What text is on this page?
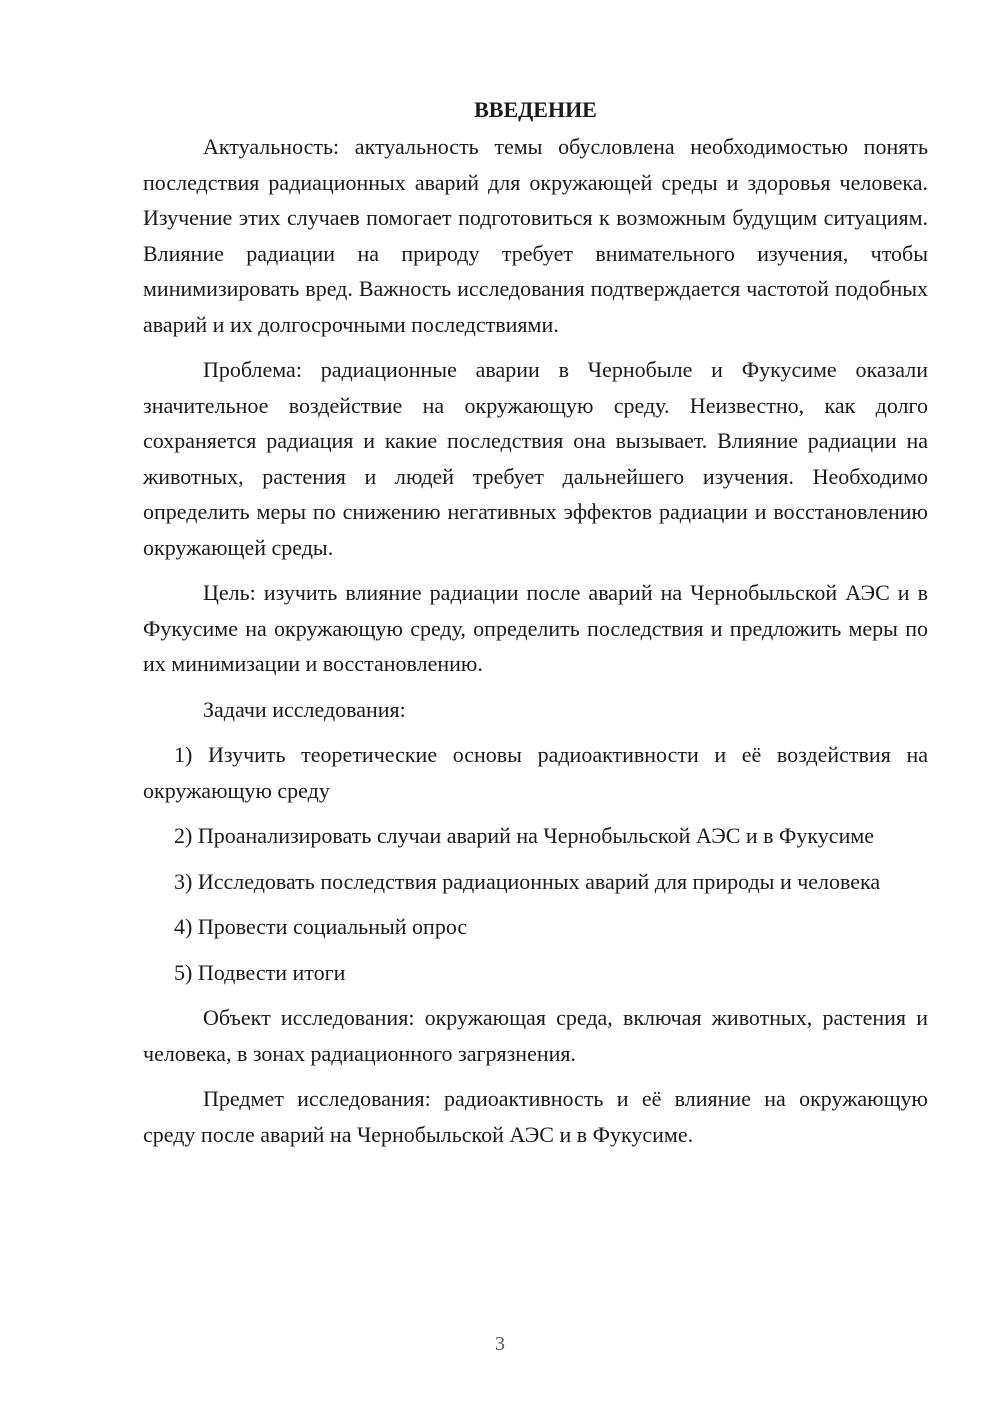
ВВЕДЕНИЕ

Актуальность: актуальность темы обусловлена необходимостью понять последствия радиационных аварий для окружающей среды и здоровья человека. Изучение этих случаев помогает подготовиться к возможным будущим ситуациям. Влияние радиации на природу требует внимательного изучения, чтобы минимизировать вред. Важность исследования подтверждается частотой подобных аварий и их долгосрочными последствиями.

Проблема: радиационные аварии в Чернобыле и Фукусиме оказали значительное воздействие на окружающую среду. Неизвестно, как долго сохраняется радиация и какие последствия она вызывает. Влияние радиации на животных, растения и людей требует дальнейшего изучения. Необходимо определить меры по снижению негативных эффектов радиации и восстановлению окружающей среды.

Цель: изучить влияние радиации после аварий на Чернобыльской АЭС и в Фукусиме на окружающую среду, определить последствия и предложить меры по их минимизации и восстановлению.

Задачи исследования:

1) Изучить теоретические основы радиоактивности и её воздействия на окружающую среду

2) Проанализировать случаи аварий на Чернобыльской АЭС и в Фукусиме

3) Исследовать последствия радиационных аварий для природы и человека

4) Провести социальный опрос

5) Подвести итоги

Объект исследования: окружающая среда, включая животных, растения и человека, в зонах радиационного загрязнения.

Предмет исследования: радиоактивность и её влияние на окружающую среду после аварий на Чернобыльской АЭС и в Фукусиме.

3
